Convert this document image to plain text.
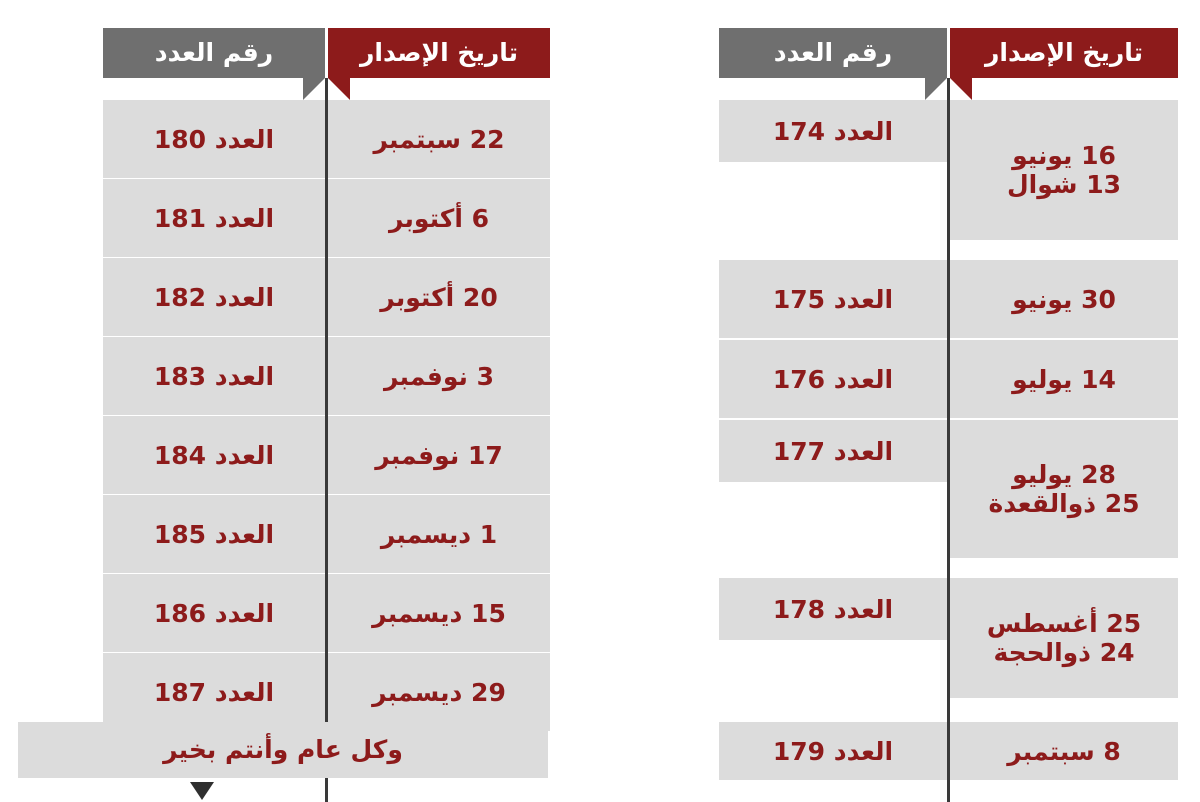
تاريخ الإصدار
22 سبتمبر
6 أكتوبر
20 أكتوبر
3 نوفمبر
17 نوفمبر
1 ديسمبر
15 ديسمبر
29 ديسمبر
رقم العدد
العدد 180
العدد 181
العدد 182
العدد 183
العدد 184
العدد 185
العدد 186
العدد 187
وكل عام وأنتم بخير
تاريخ الإصدار
16 يونيو
13 شوال
30 يونيو
14 يوليو
28 يوليو
25 ذوالقعدة
25 أغسطس
24 ذوالحجة
8 سبتمبر
رقم العدد
العدد 174
العدد 175
العدد 176
العدد 177
العدد 178
العدد 179
